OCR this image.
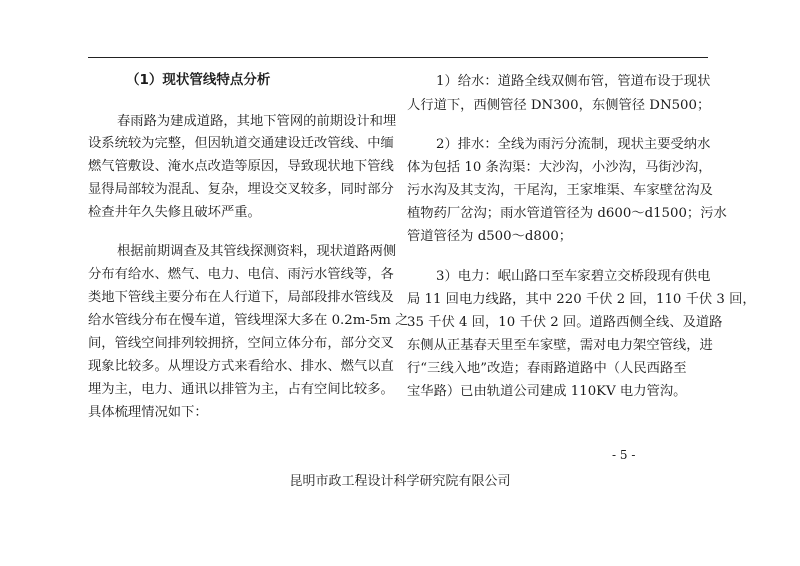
（1）现状管线特点分析
春雨路为建成道路，其地下管网的前期设计和埋
设系统较为完整，但因轨道交通建设迁改管线、中缅
燃气管敷设、淹水点改造等原因，导致现状地下管线
显得局部较为混乱、复杂，埋设交叉较多，同时部分
检查井年久失修且破坏严重。
根据前期调查及其管线探测资料，现状道路两侧
分布有给水、燃气、电力、电信、雨污水管线等，各
类地下管线主要分布在人行道下，局部段排水管线及
给水管线分布在慢车道，管线埋深大多在 0.2m-5m 之
间，管线空间排列较拥挤，空间立体分布，部分交叉
现象比较多。从埋设方式来看给水、排水、燃气以直
埋为主，电力、通讯以排管为主，占有空间比较多。
具体梳理情况如下：
1）给水：道路全线双侧布管，管道布设于现状
人行道下，西侧管径 DN300，东侧管径 DN500；
2）排水：全线为雨污分流制，现状主要受纳水
体为包括 10 条沟渠：大沙沟，小沙沟，马街沙沟，
污水沟及其支沟，干尾沟，王家堆渠、车家壁岔沟及
植物药厂岔沟；雨水管道管径为 d600～d1500；污水
管道管径为 d500～d800；
3）电力：岷山路口至车家碧立交桥段现有供电
局 11 回电力线路，其中 220 千伏 2 回，110 千伏 3 回，
35 千伏 4 回，10 千伏 2 回。道路西侧全线、及道路
东侧从正基春天里至车家壁，需对电力架空管线，进
行“三线入地”改造；春雨路道路中（人民西路至
宝华路）已由轨道公司建成 110KV 电力管沟。
- 5 -
昆明市政工程设计科学研究院有限公司
